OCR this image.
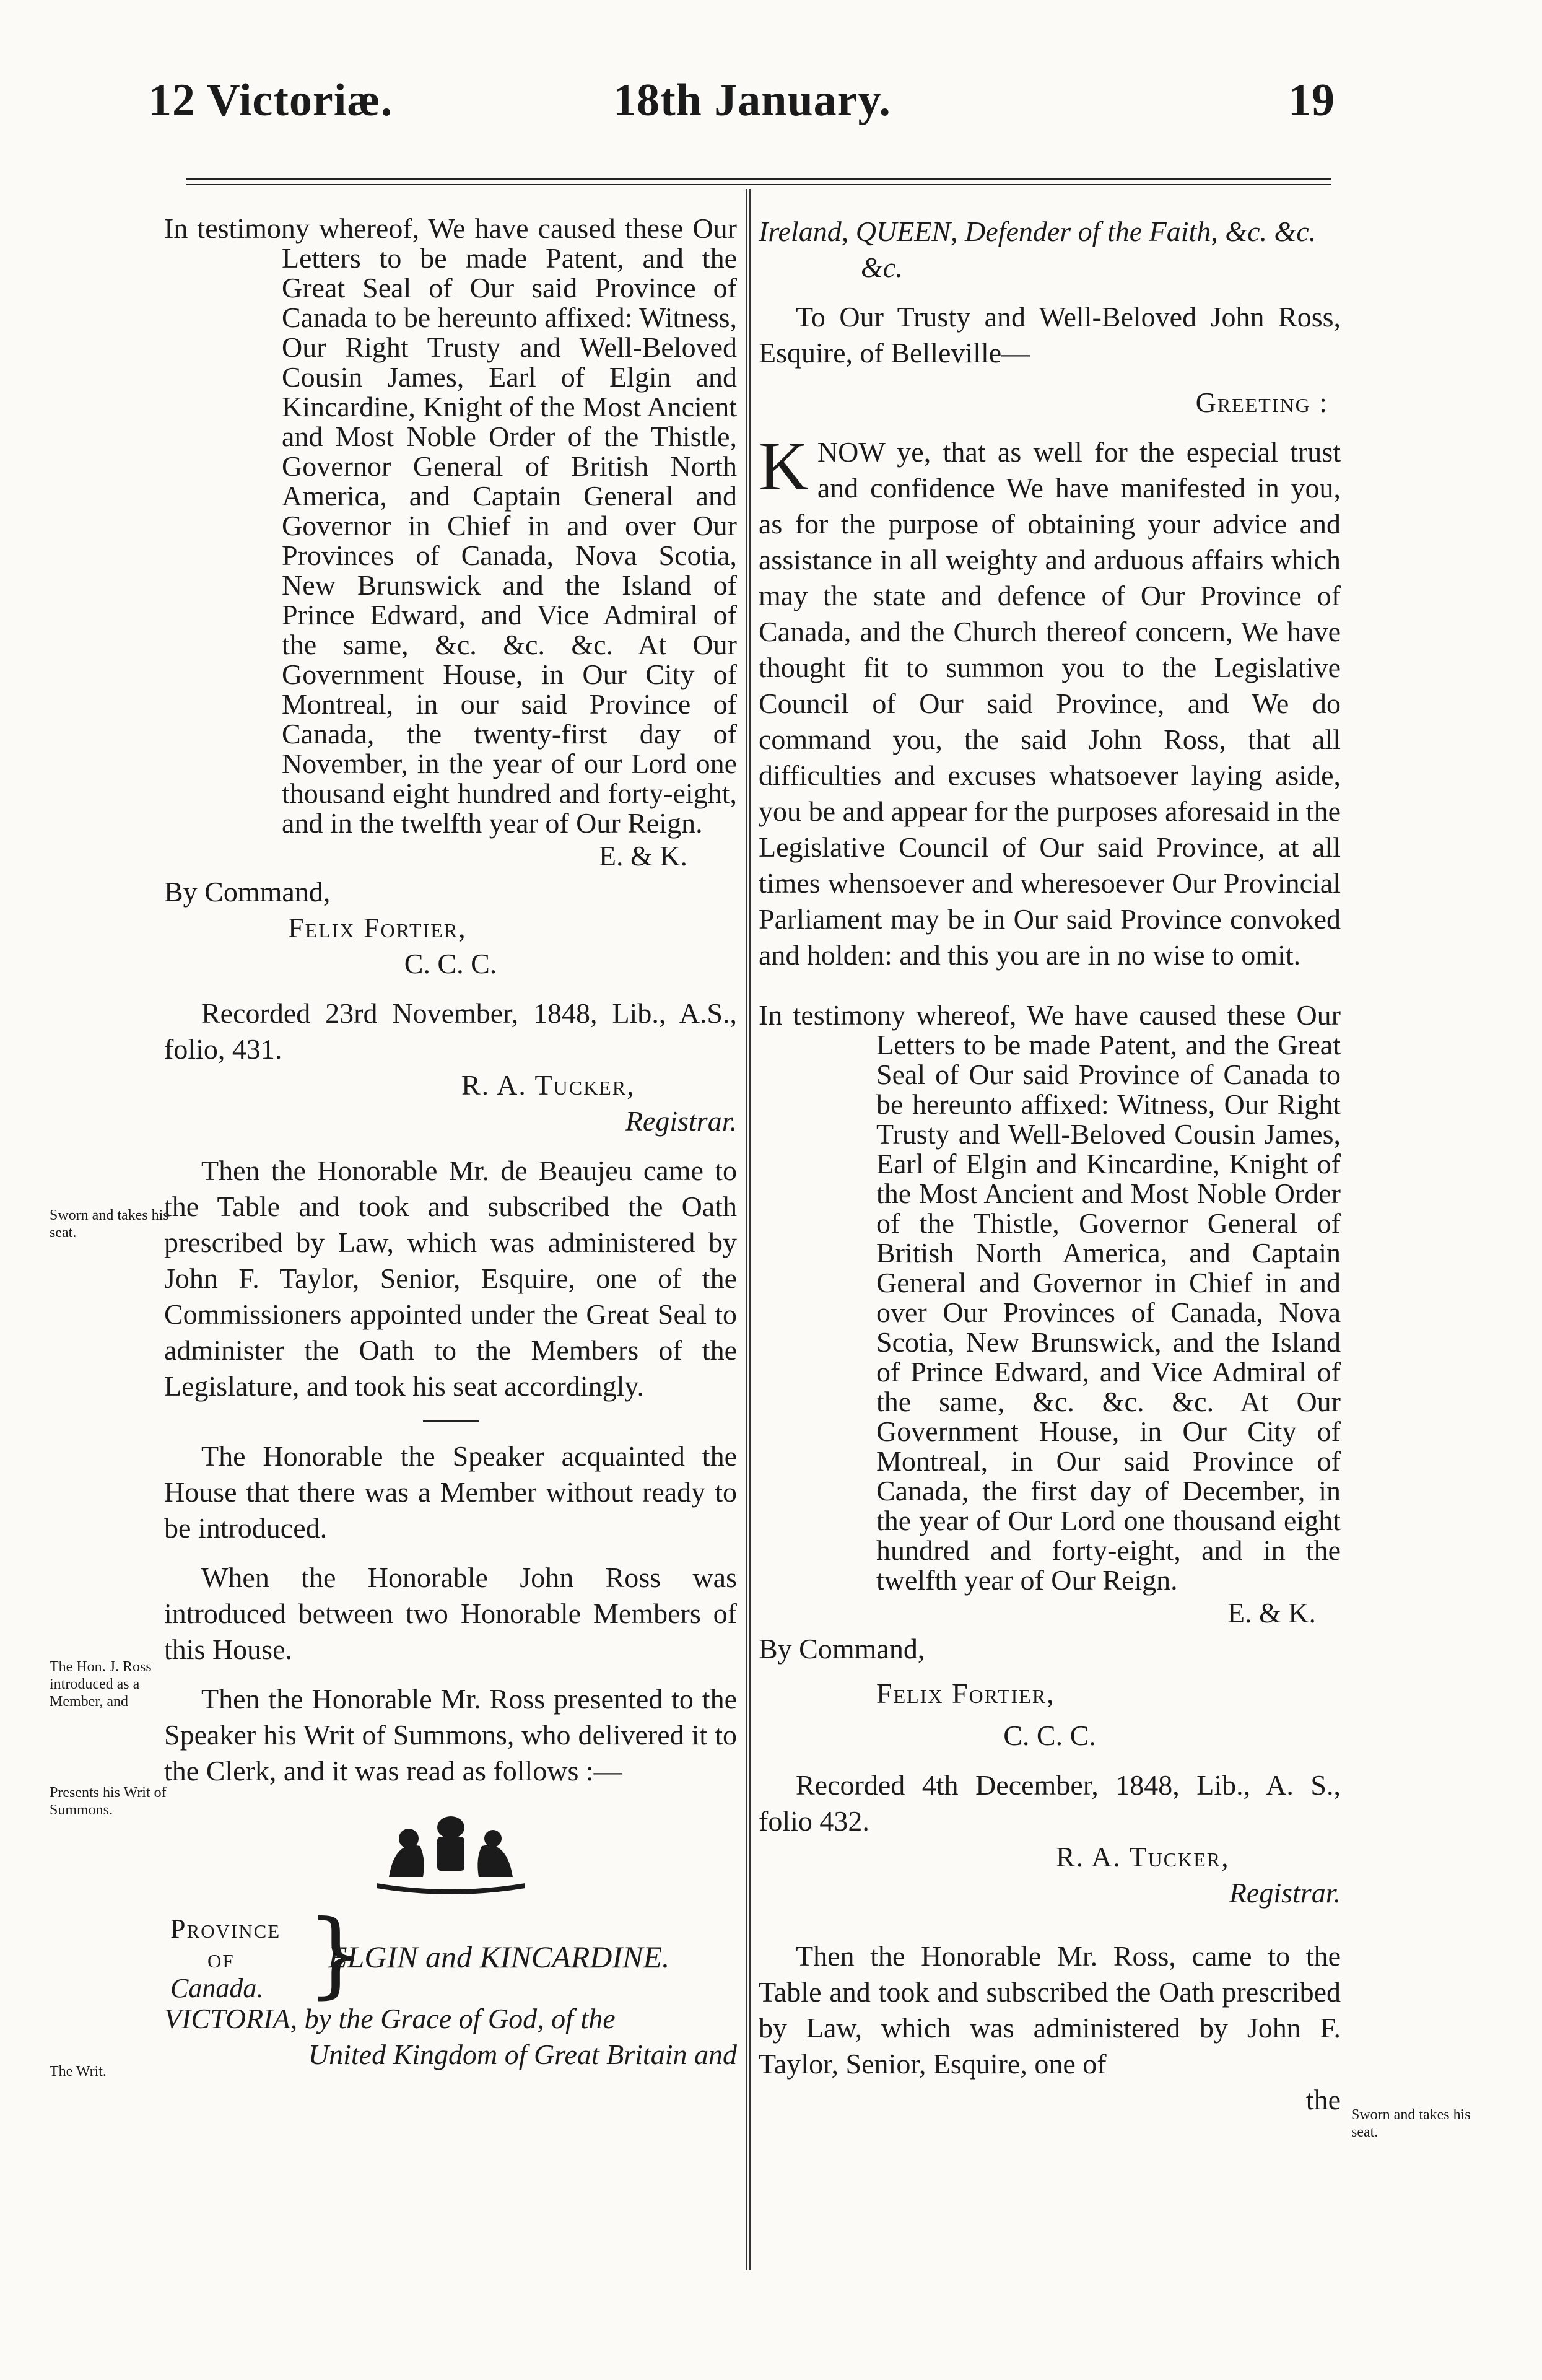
12 Victoriæ.	18th January.	19
In testimony whereof, We have caused these Our Letters to be made Patent, and the Great Seal of Our said Province of Canada to be hereunto affixed: Witness, Our Right Trusty and Well-Beloved Cousin James, Earl of Elgin and Kincardine, Knight of the Most Ancient and Most Noble Order of the Thistle, Governor General of British North America, and Captain General and Governor in Chief in and over Our Provinces of Canada, Nova Scotia, New Brunswick and the Island of Prince Edward, and Vice Admiral of the same, &c. &c. &c. At Our Government House, in Our City of Montreal, in our said Province of Canada, the twenty-first day of November, in the year of our Lord one thousand eight hundred and forty-eight, and in the twelfth year of Our Reign.

E. & K.

By Command,

Felix Fortier,

C. C. C.

Recorded 23rd November, 1848, Lib., A.S., folio, 431.

R. A. Tucker,

Registrar.

Then the Honorable Mr. de Beaujeu came to the Table and took and subscribed the Oath prescribed by Law, which was administered by John F. Taylor, Senior, Esquire, one of the Commissioners appointed under the Great Seal to administer the Oath to the Members of the Legislature, and took his seat accordingly.

The Honorable the Speaker acquainted the House that there was a Member without ready to be introduced.

When the Honorable John Ross was introduced between two Honorable Members of this House.

Then the Honorable Mr. Ross presented to the Speaker his Writ of Summons, who delivered it to the Clerk, and it was read as follows :—

Province
of
Canada. }
ELGIN and KINCARDINE.

VICTORIA, by the Grace of God, of the

United Kingdom of Great Britain and

Ireland, QUEEN, Defender of the Faith, &c. &c. &c.

To Our Trusty and Well-Beloved John Ross, Esquire, of Belleville—

Greeting :

KNOW ye, that as well for the especial trust and confidence We have manifested in you, as for the purpose of obtaining your advice and assistance in all weighty and arduous affairs which may the state and defence of Our Province of Canada, and the Church thereof concern, We have thought fit to summon you to the Legislative Council of Our said Province, and We do command you, the said John Ross, that all difficulties and excuses whatsoever laying aside, you be and appear for the purposes aforesaid in the Legislative Council of Our said Province, at all times whensoever and wheresoever Our Provincial Parliament may be in Our said Province convoked and holden: and this you are in no wise to omit.
In testimony whereof, We have caused these Our Letters to be made Patent, and the Great Seal of Our said Province of Canada to be hereunto affixed: Witness, Our Right Trusty and Well-Beloved Cousin James, Earl of Elgin and Kincardine, Knight of the Most Ancient and Most Noble Order of the Thistle, Governor General of British North America, and Captain General and Governor in Chief in and over Our Provinces of Canada, Nova Scotia, New Brunswick, and the Island of Prince Edward, and Vice Admiral of the same, &c. &c. &c. At Our Government House, in Our City of Montreal, in Our said Province of Canada, the first day of December, in the year of Our Lord one thousand eight hundred and forty-eight, and in the twelfth year of Our Reign.

E. & K.

By Command,

Felix Fortier,

C. C. C.

Recorded 4th December, 1848, Lib., A. S., folio 432.

R. A. Tucker,

Registrar.

Then the Honorable Mr. Ross, came to the Table and took and subscribed the Oath prescribed by Law, which was administered by John F. Taylor, Senior, Esquire, one of

the

Sworn and takes his seat.
The Hon. J. Ross introduced as a Member, and
Presents his Writ of Summons.
The Writ.
Sworn and takes his seat.
